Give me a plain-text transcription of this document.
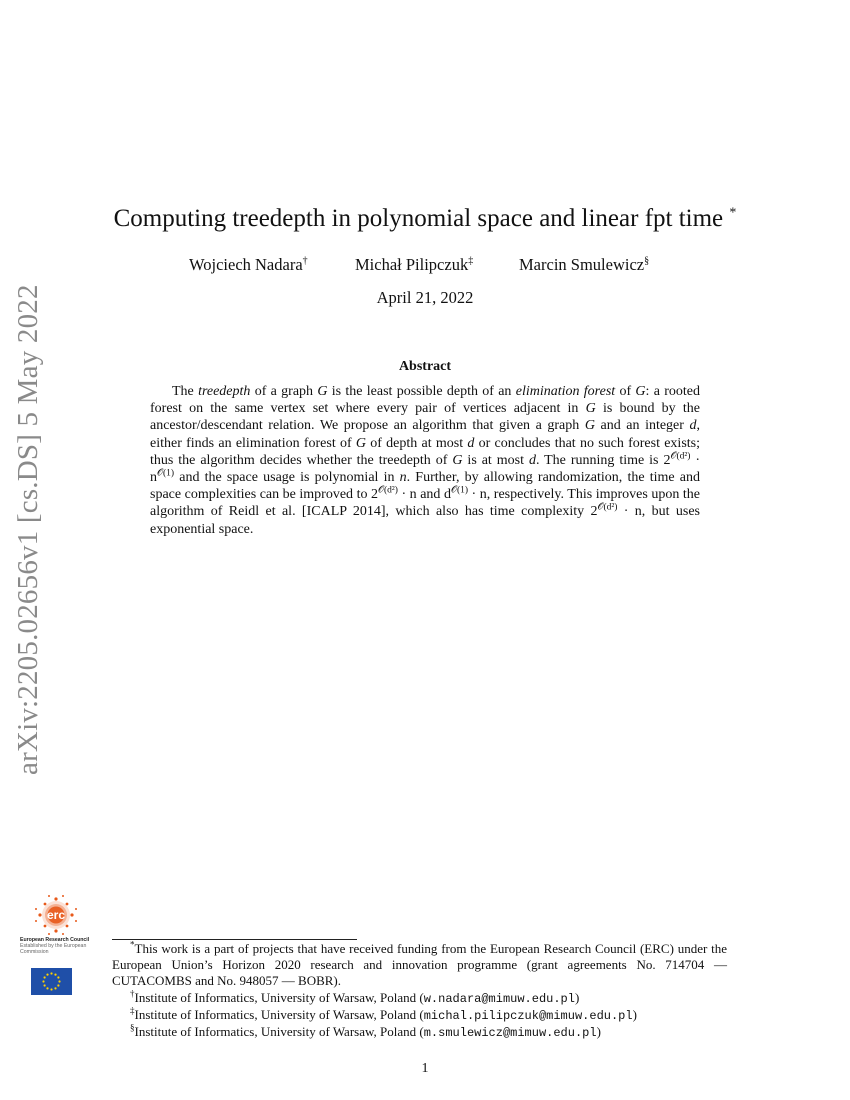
arXiv:2205.02656v1 [cs.DS] 5 May 2022
Computing treedepth in polynomial space and linear fpt time *
Wojciech Nadara†	Michał Pilipczuk‡	Marcin Smulewicz§
April 21, 2022
Abstract
The treedepth of a graph G is the least possible depth of an elimination forest of G: a rooted forest on the same vertex set where every pair of vertices adjacent in G is bound by the ancestor/descendant relation. We propose an algorithm that given a graph G and an integer d, either finds an elimination forest of G of depth at most d or concludes that no such forest exists; thus the algorithm decides whether the treedepth of G is at most d. The running time is $2^{𝒪(d^2)} \cdot n^{𝒪(1)}$ and the space usage is polynomial in n. Further, by allowing randomization, the time and space complexities can be improved to $2^{𝒪(d^2)} \cdot n$ and $d^{𝒪(1)} \cdot n$, respectively. This improves upon the algorithm of Reidl et al. [ICALP 2014], which also has time complexity $2^{𝒪(d^2)} \cdot n$, but uses exponential space.
erc
European Research Council
Established by the European Commission

*This work is a part of projects that have received funding from the European Research Council (ERC) under the European Union’s Horizon 2020 research and innovation programme (grant agreements No. 714704 — CUTACOMBS and No. 948057 — BOBR).

†Institute of Informatics, University of Warsaw, Poland (w.nadara@mimuw.edu.pl)

‡Institute of Informatics, University of Warsaw, Poland (michal.pilipczuk@mimuw.edu.pl)

§Institute of Informatics, University of Warsaw, Poland (m.smulewicz@mimuw.edu.pl)

1
